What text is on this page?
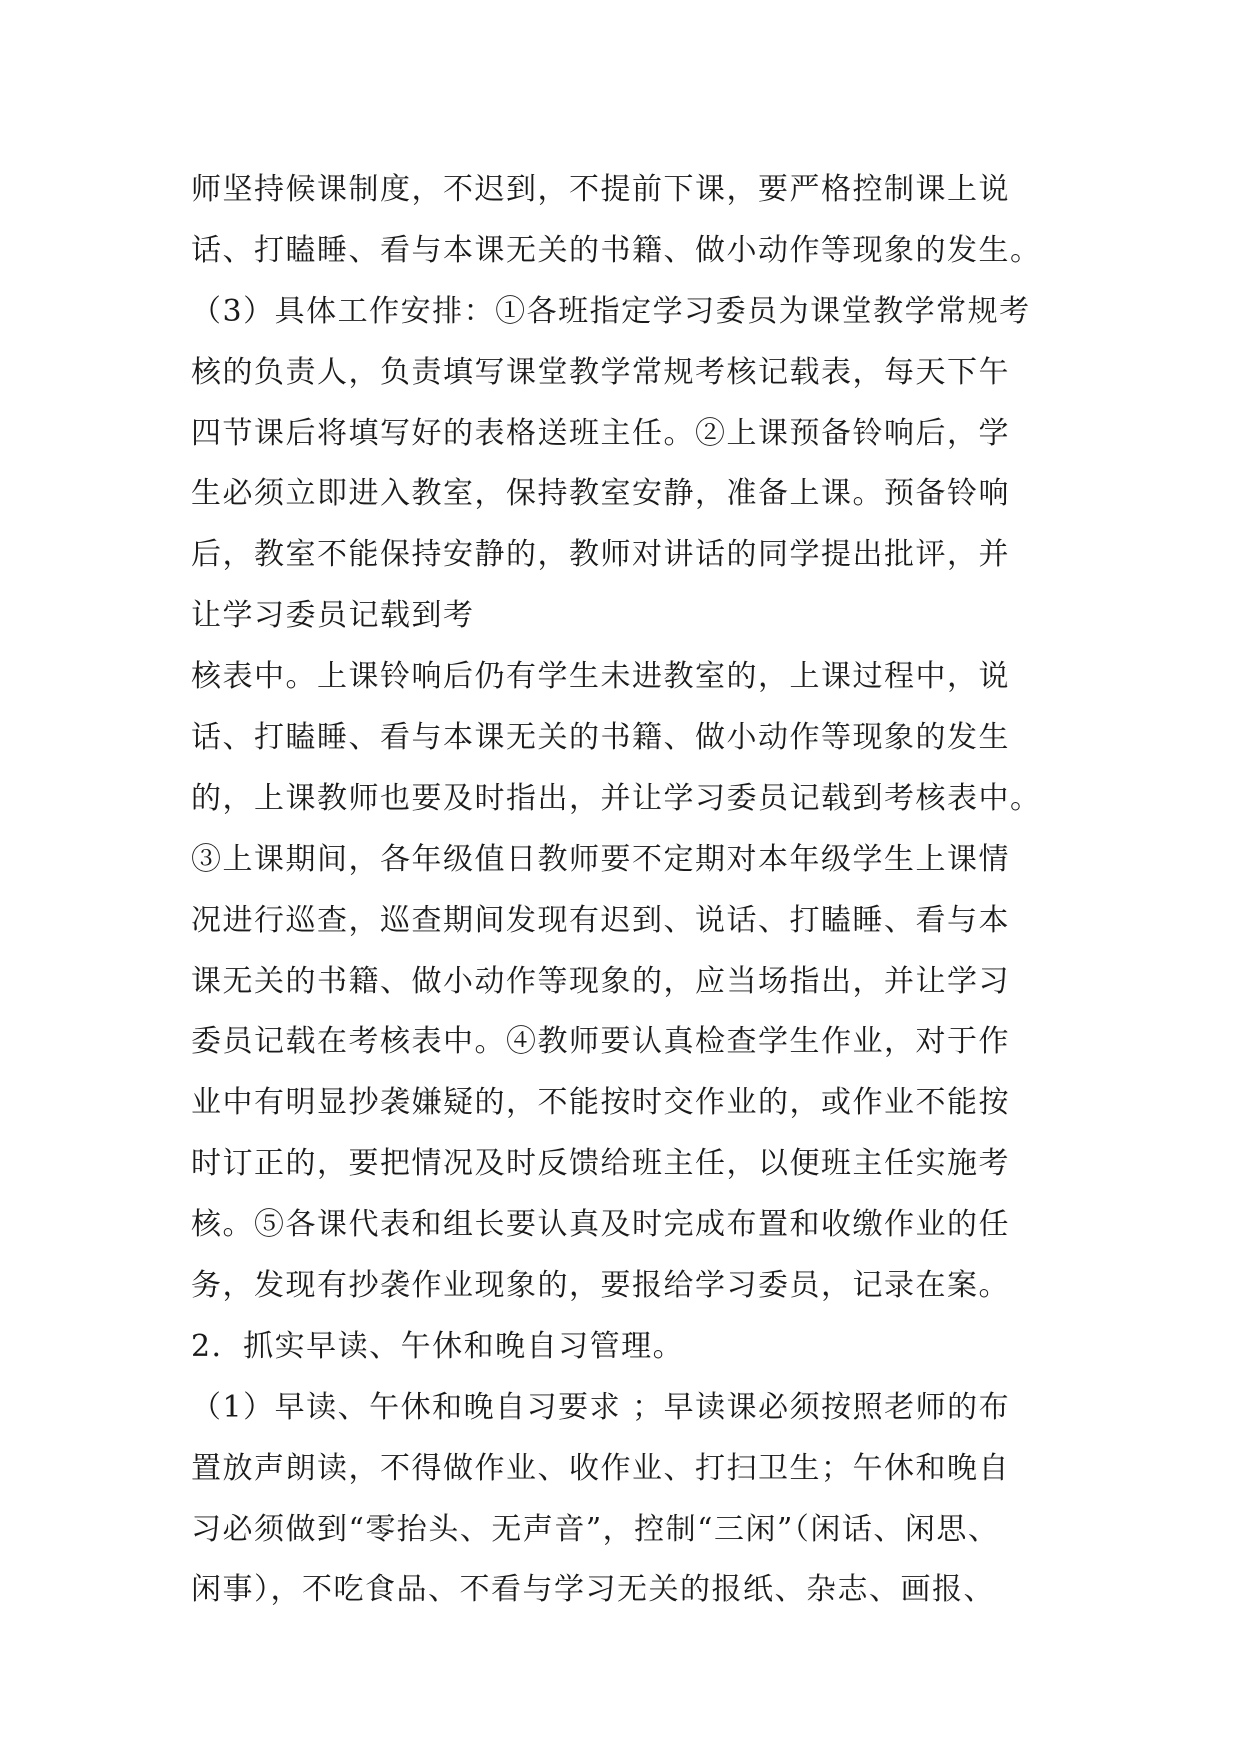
师坚持候课制度，不迟到，不提前下课，要严格控制课上说
话、打瞌睡、看与本课无关的书籍、做小动作等现象的发生。
（3）具体工作安排：①各班指定学习委员为课堂教学常规考
核的负责人，负责填写课堂教学常规考核记载表，每天下午
四节课后将填写好的表格送班主任。②上课预备铃响后，学
生必须立即进入教室，保持教室安静，准备上课。预备铃响
后，教室不能保持安静的，教师对讲话的同学提出批评，并
让学习委员记载到考
核表中。上课铃响后仍有学生未进教室的，上课过程中，说
话、打瞌睡、看与本课无关的书籍、做小动作等现象的发生
的，上课教师也要及时指出，并让学习委员记载到考核表中。
③上课期间，各年级值日教师要不定期对本年级学生上课情
况进行巡查，巡查期间发现有迟到、说话、打瞌睡、看与本
课无关的书籍、做小动作等现象的，应当场指出，并让学习
委员记载在考核表中。④教师要认真检查学生作业，对于作
业中有明显抄袭嫌疑的，不能按时交作业的，或作业不能按
时订正的，要把情况及时反馈给班主任，以便班主任实施考
核。⑤各课代表和组长要认真及时完成布置和收缴作业的任
务，发现有抄袭作业现象的，要报给学习委员，记录在案。
2．抓实早读、午休和晚自习管理。
（1）早读、午休和晚自习要求 ；早读课必须按照老师的布
置放声朗读，不得做作业、收作业、打扫卫生；午休和晚自
习必须做到“零抬头、无声音”，控制“三闲”（闲话、闲思、
闲事），不吃食品、不看与学习无关的报纸、杂志、画报、
